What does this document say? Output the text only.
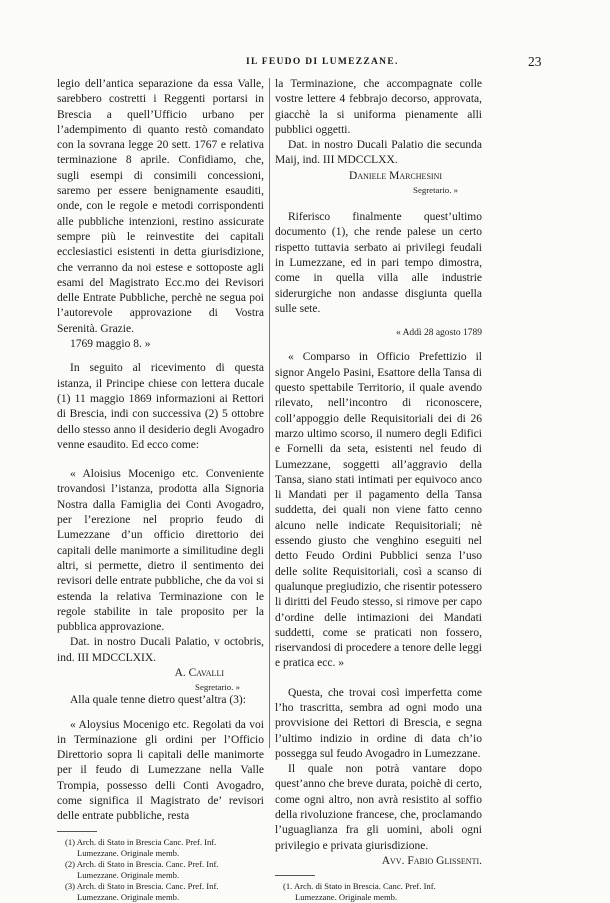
IL FEUDO DI LUMEZZANE.	23

legio dell’antica separazione da essa Valle, sarebbero costretti i Reggenti portarsi in Brescia a quell’Ufficio urbano per l’adempimento di quanto restò comandato con la sovrana legge 20 sett. 1767 e relativa terminazione 8 aprile. Confidiamo, che, sugli esempi di consimili concessioni, saremo per essere benignamente esauditi, onde, con le regole e metodi corrispondenti alle pubbliche intenzioni, restino assicurate sempre più le reinvestite dei capitali ecclesiastici esistenti in detta giurisdizione, che verranno da noi estese e sottoposte agli esami del Magistrato Ecc.mo dei Revisori delle Entrate Pubbliche, perchè ne segua poi l’autorevole approvazione di Vostra Serenità. Grazie.

1769 maggio 8. »

In seguito al ricevimento di questa istanza, il Principe chiese con lettera ducale (1) 11 maggio 1869 informazioni ai Rettori di Brescia, indi con successiva (2) 5 ottobre dello stesso anno il desiderio degli Avogadro venne esaudito. Ed ecco come:

« Aloisius Mocenigo etc. Conveniente trovandosi l’istanza, prodotta alla Signoria Nostra dalla Famiglia dei Conti Avogadro, per l’erezione nel proprio feudo di Lumezzane d’un officio direttorio dei capitali delle manimorte a similitudine degli altri, si permette, dietro il sentimento dei revisori delle entrate pubbliche, che da voi si estenda la relativa Terminazione con le regole stabilite in tale proposito per la pubblica approvazione.

Dat. in nostro Ducali Palatio, v octobris, ind. III MDCCLXIX.

A. Cavalli
Segretario. »

Alla quale tenne dietro quest’altra (3):

« Aloysius Mocenigo etc. Regolati da voi in Terminazione gli ordini per l’Officio Direttorio sopra li capitali delle manimorte per il feudo di Lumezzane nella Valle Trompia, possesso delli Conti Avogadro, come significa il Magistrato de’ revisori delle entrate pubbliche, resta

(1) Arch. di Stato in Brescia Canc. Pref. Inf.

Lumezzane. Originale memb.

(2) Arch. di Stato in Brescia. Canc. Pref. Inf.

Lumezzane. Originale memb.

(3) Arch. di Stato in Brescia. Canc. Pref. Inf.

Lumezzane. Originale memb.

la Terminazione, che accompagnate colle vostre lettere 4 febbrajo decorso, approvata, giacchè la si uniforma pienamente alli pubblici oggetti.

Dat. in nostro Ducali Palatio die secunda Maij, ind. III MDCCLXX.

Daniele Marchesini
Segretario. »

Riferisco finalmente quest’ultimo documento (1), che rende palese un certo rispetto tuttavia serbato ai privilegi feudali in Lumezzane, ed in pari tempo dimostra, come in quella villa alle industrie siderurgiche non andasse disgiunta quella sulle sete.

« Addì 28 agosto 1789

« Comparso in Officio Prefettizio il signor Angelo Pasini, Esattore della Tansa di questo spettabile Territorio, il quale avendo rilevato, nell’incontro di riconoscere, coll’appoggio delle Requisitoriali dei di 26 marzo ultimo scorso, il numero degli Edifici e Fornelli da seta, esistenti nel feudo di Lumezzane, soggetti all’aggravio della Tansa, siano stati intimati per equivoco anco li Mandati per il pagamento della Tansa suddetta, dei quali non viene fatto cenno alcuno nelle indicate Requisitoriali; nè essendo giusto che venghino eseguiti nel detto Feudo Ordini Pubblici senza l’uso delle solite Requisitoriali, così a scanso di qualunque pregiudizio, che risentir potessero li diritti del Feudo stesso, si rimove per capo d’ordine delle intimazioni dei Mandati suddetti, come se praticati non fossero, riservandosi di procedere a tenore delle leggi e pratica ecc. »

Questa, che trovai così imperfetta come l’ho trascritta, sembra ad ogni modo una provvisione dei Rettori di Brescia, e segna l’ultimo indizio in ordine di data ch’io possegga sul feudo Avogadro in Lumezzane.

Il quale non potrà vantare dopo quest’anno che breve durata, poichè di certo, come ogni altro, non avrà resistito al soffio della rivoluzione francese, che, proclamando l’uguaglianza fra gli uomini, aboli ogni privilegio e privata giurisdizione.

Avv. Fabio Glissenti.

(1. Arch. di Stato in Brescia. Canc. Pref. Inf.

Lumezzane. Originale memb.
